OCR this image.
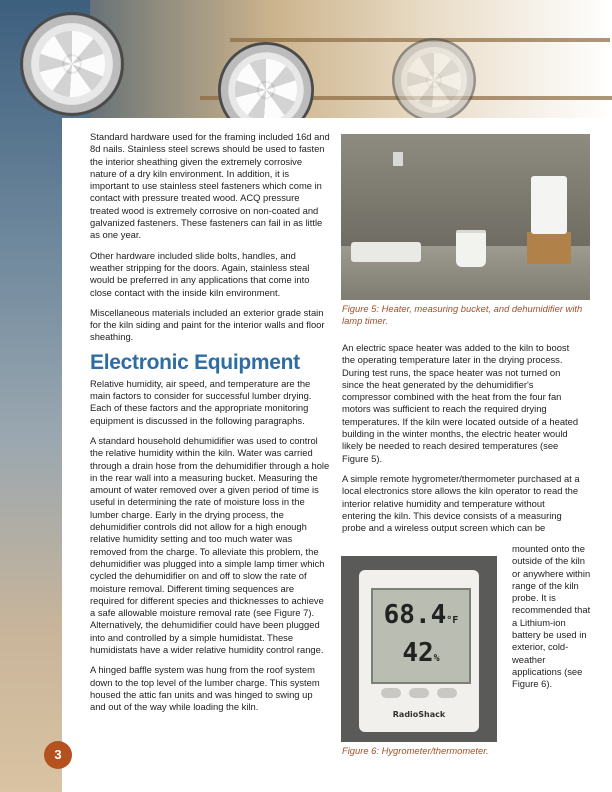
Standard hardware used for the framing included 16d and 8d nails. Stainless steel screws should be used to fasten the interior sheathing given the extremely corrosive nature of a dry kiln environment. In addition, it is important to use stainless steel fasteners which come in contact with pressure treated wood. ACQ pressure treated wood is extremely corrosive on non-coated and galvanized fasteners. These fasteners can fail in as little as one year.

Other hardware included slide bolts, handles, and weather stripping for the doors. Again, stainless steal would be preferred in any applications that come into close contact with the inside kiln environment.

Miscellaneous materials included an exterior grade stain for the kiln siding and paint for the interior walls and floor sheathing.

Electronic Equipment

Relative humidity, air speed, and temperature are the main factors to consider for successful lumber drying. Each of these factors and the appropriate monitoring equipment is discussed in the following paragraphs.

A standard household dehumidifier was used to control the relative humidity within the kiln. Water was carried through a drain hose from the dehumidifier through a hole in the rear wall into a measuring bucket. Measuring the amount of water removed over a given period of time is useful in determining the rate of moisture loss in the lumber charge. Early in the drying process, the dehumidifier controls did not allow for a high enough relative humidity setting and too much water was removed from the charge. To alleviate this problem, the dehumidifier was plugged into a simple lamp timer which cycled the dehumidifier on and off to slow the rate of moisture removal. Different timing sequences are required for different species and thicknesses to achieve a safe allowable moisture removal rate (see Figure 7). Alternatively, the dehumidifier could have been plugged into and controlled by a simple humidistat. These humidistats have a wider relative humidity control range.

A hinged baffle system was hung from the roof system down to the top level of the lumber charge. This system housed the attic fan units and was hinged to swing up and out of the way while loading the kiln.

Figure 5: Heater, measuring bucket, and dehumidifier with lamp timer.

An electric space heater was added to the kiln to boost the operating temperature later in the drying process. During test runs, the space heater was not turned on since the heat generated by the dehumidifier's compressor combined with the heat from the four fan motors was sufficient to reach the required drying temperatures. If the kiln were located outside of a heated building in the winter months, the electric heater would likely be needed to reach desired temperatures (see Figure 5).

A simple remote hygrometer/thermometer purchased at a local electronics store allows the kiln operator to read the interior relative humidity and temperature without entering the kiln. This device consists of a measuring probe and a wireless output screen which can be

mounted onto the outside of the kiln or anywhere within range of the kiln probe. It is recommended that a Lithium-ion battery be used in exterior, cold-weather applications (see Figure 6).
68.4°F
42%
RadioShack
Figure 6: Hygrometer/thermometer.
3
